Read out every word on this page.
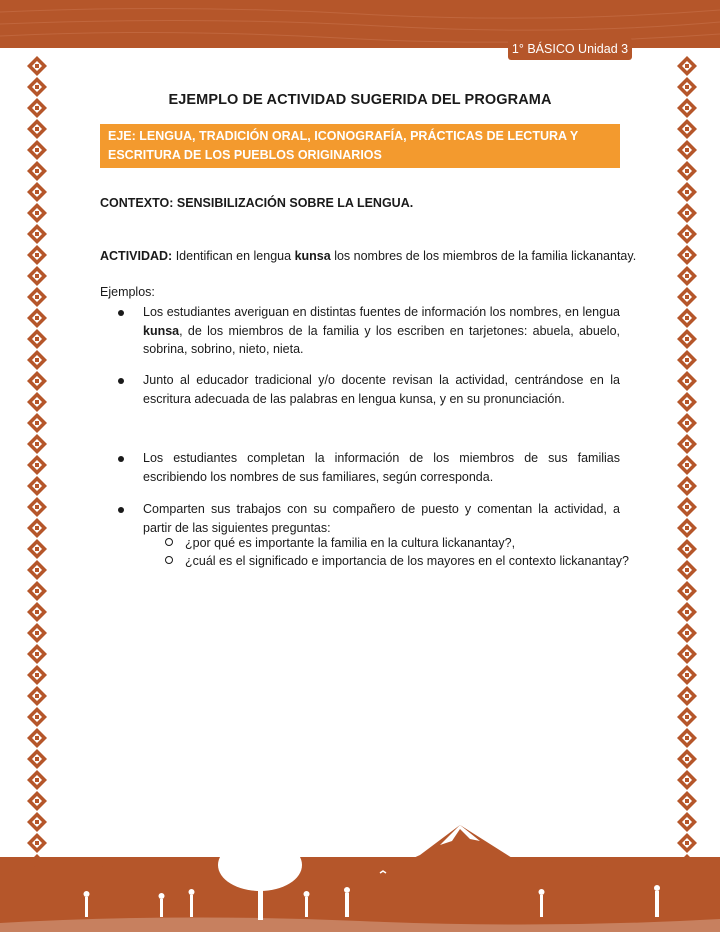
1° BÁSICO Unidad 3
EJEMPLO DE ACTIVIDAD SUGERIDA DEL PROGRAMA
EJE: LENGUA, TRADICIÓN ORAL, ICONOGRAFÍA, PRÁCTICAS DE LECTURA Y ESCRITURA DE LOS PUEBLOS ORIGINARIOS
CONTEXTO: SENSIBILIZACIÓN SOBRE LA LENGUA.
ACTIVIDAD: Identifican en lengua kunsa los nombres de los miembros de la familia lickanantay.
Ejemplos:
Los estudiantes averiguan en distintas fuentes de información los nombres, en lengua kunsa, de los miembros de la familia y los escriben en tarjetones: abuela, abuelo, sobrina, sobrino, nieto, nieta.
Junto al educador tradicional y/o docente revisan la actividad, centrándose en la escritura adecuada de las palabras en lengua kunsa, y en su pronunciación.
Los estudiantes completan la información de los miembros de sus familias escribiendo los nombres de sus familiares, según corresponda.
Comparten sus trabajos con su compañero de puesto y comentan la actividad, a partir de las siguientes preguntas:
¿por qué es importante la familia en la cultura lickanantay?,
¿cuál es el significado e importancia de los mayores en el contexto lickanantay?
